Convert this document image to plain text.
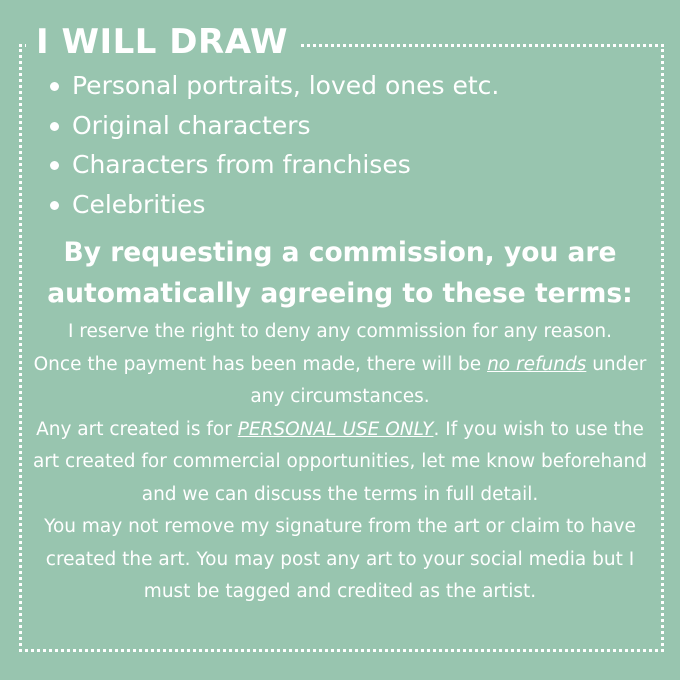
I WILL DRAW
Personal portraits, loved ones etc.
Original characters
Characters from franchises
Celebrities
By requesting a commission, you are
automatically agreeing to these terms:

I reserve the right to deny any commission for any reason.

Once the payment has been made, there will be no refunds under any circumstances.

Any art created is for PERSONAL USE ONLY. If you wish to use the art created for commercial opportunities, let me know beforehand and we can discuss the terms in full detail.

You may not remove my signature from the art or claim to have created the art. You may post any art to your social media but I must be tagged and credited as the artist.
